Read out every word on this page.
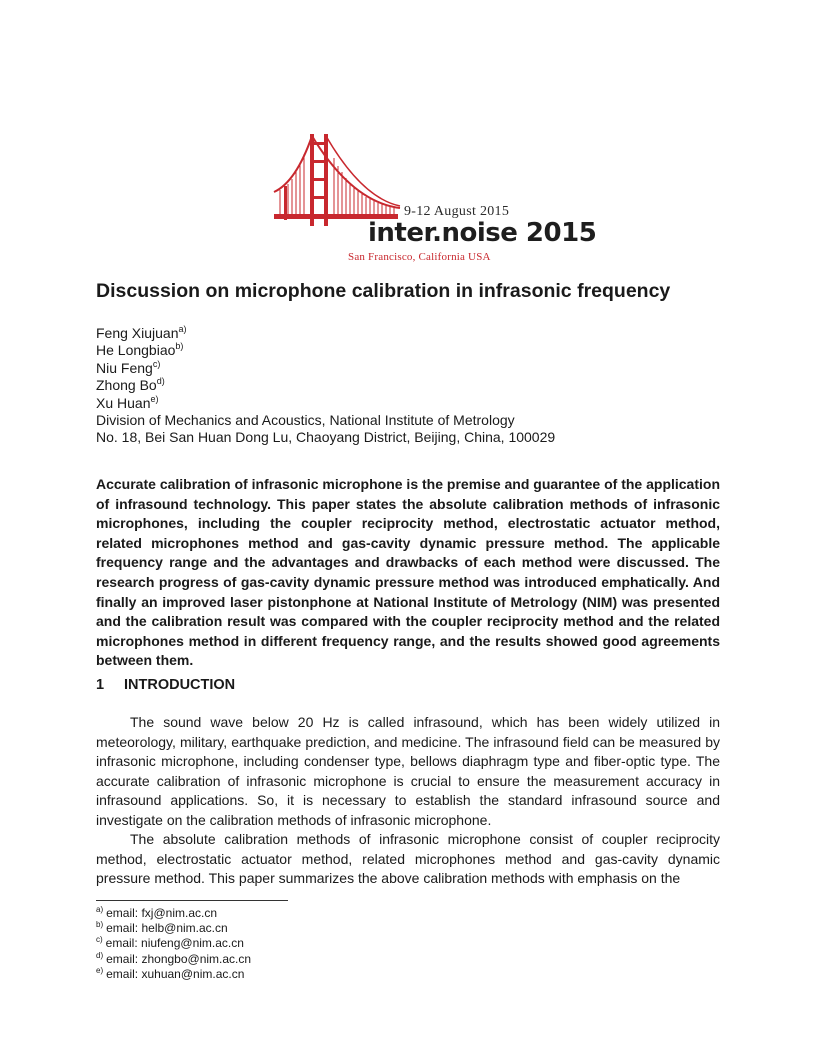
9-12 August 2015
inter.noise 2015
San Francisco, California USA
Discussion on microphone calibration in infrasonic frequency
Feng Xiujuan$^{a)}$
He Longbiao$^{b)}$
Niu Feng$^{c)}$
Zhong Bo$^{d)}$
Xu Huan$^{e)}$
Division of Mechanics and Acoustics, National Institute of Metrology
No. 18, Bei San Huan Dong Lu, Chaoyang District, Beijing, China, 100029

Accurate calibration of infrasonic microphone is the premise and guarantee of the application of infrasound technology. This paper states the absolute calibration methods of infrasonic microphones, including the coupler reciprocity method, electrostatic actuator method, related microphones method and gas-cavity dynamic pressure method. The applicable frequency range and the advantages and drawbacks of each method were discussed. The research progress of gas-cavity dynamic pressure method was introduced emphatically. And finally an improved laser pistonphone at National Institute of Metrology (NIM) was presented and the calibration result was compared with the coupler reciprocity method and the related microphones method in different frequency range, and the results showed good agreements between them.

1 INTRODUCTION

The sound wave below 20 Hz is called infrasound, which has been widely utilized in meteorology, military, earthquake prediction, and medicine. The infrasound field can be measured by infrasonic microphone, including condenser type, bellows diaphragm type and fiber-optic type. The accurate calibration of infrasonic microphone is crucial to ensure the measurement accuracy in infrasound applications. So, it is necessary to establish the standard infrasound source and investigate on the calibration methods of infrasonic microphone.

The absolute calibration methods of infrasonic microphone consist of coupler reciprocity method, electrostatic actuator method, related microphones method and gas-cavity dynamic pressure method. This paper summarizes the above calibration methods with emphasis on the

$^{a)}$ email: fxj@nim.ac.cn
$^{b)}$ email: helb@nim.ac.cn
$^{c)}$ email: niufeng@nim.ac.cn
$^{d)}$ email: zhongbo@nim.ac.cn
$^{e)}$ email: xuhuan@nim.ac.cn
